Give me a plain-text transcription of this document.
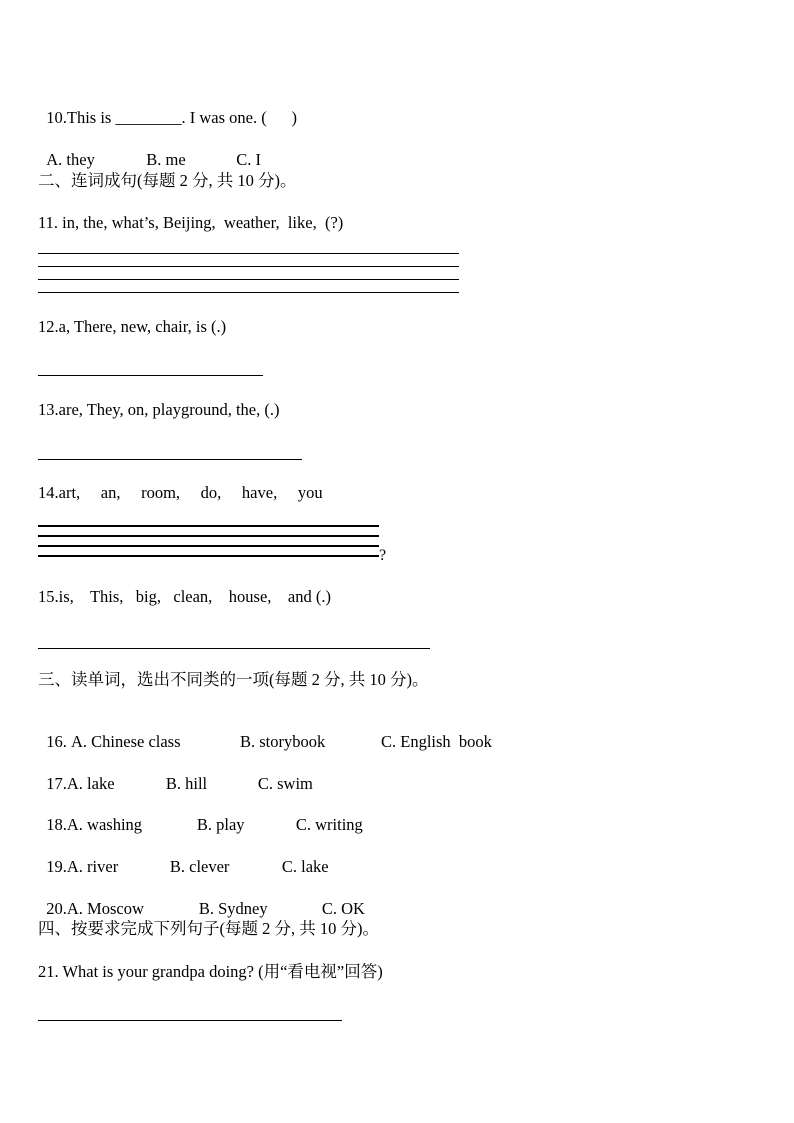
10.This is ________. I was one. (      )

A. they	B. me	C. I

二、连词成句(每题 2 分, 共 10 分)。
11. in, the, what’s, Beijing,  weather,  like,  (?)
12.a, There, new, chair, is (.)
13.are, They, on, playground, the, (.)
14.art,     an,     room,     do,     have,     you
?
15.is,    This,   big,   clean,    house,    and (.)
三、读单词，选出不同类的一项(每题 2 分, 共 10 分)。

16. A. Chinese class	B. storybook	C. English  book

17.A. lake	B. hill	C. swim

18.A. washing	B. play	C. writing

19.A. river	B. clever	C. lake

20.A. Moscow	B. Sydney	C. OK

四、按要求完成下列句子(每题 2 分, 共 10 分)。
21. What is your grandpa doing? (用“看电视”回答)
